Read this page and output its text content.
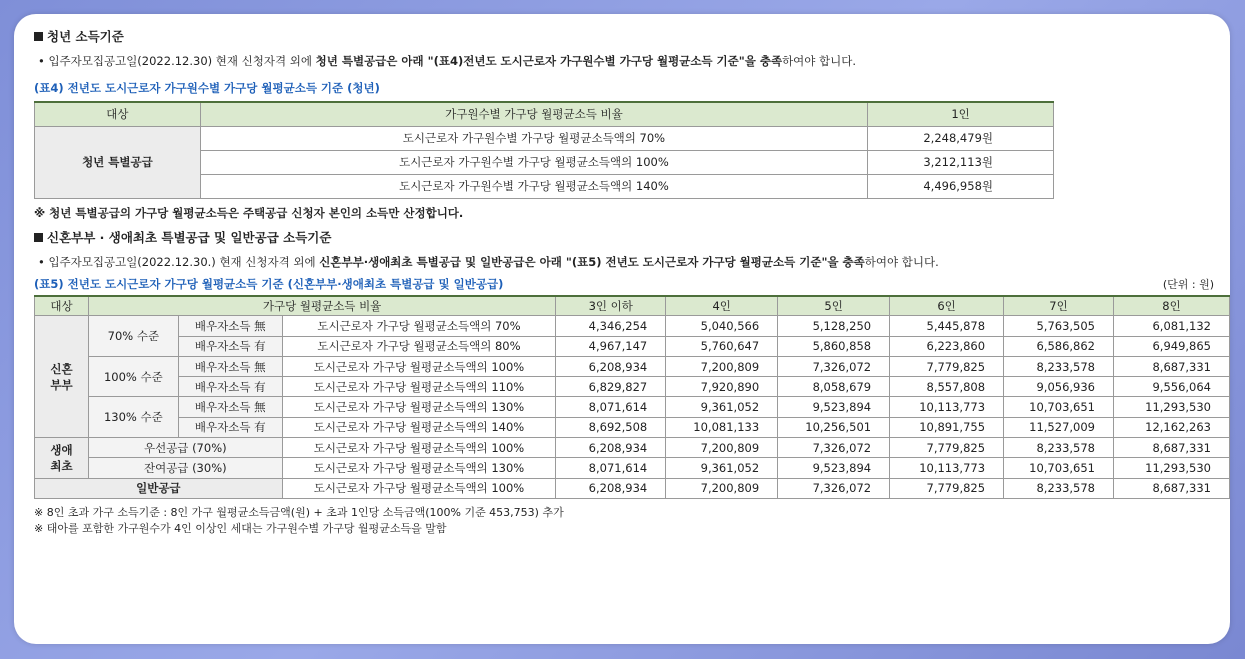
청년 소득기준
• 입주자모집공고일(2022.12.30) 현재 신청자격 외에 청년 특별공급은 아래 "(표4)전년도 도시근로자 가구원수별 가구당 월평균소득 기준"을 충족하여야 합니다.
(표4) 전년도 도시근로자 가구원수별 가구당 월평균소득 기준 (청년)
대상	가구원수별 가구당 월평균소득 비율	1인
청년 특별공급	도시근로자 가구원수별 가구당 월평균소득액의 70%	2,248,479원
	도시근로자 가구원수별 가구당 월평균소득액의 100%	3,212,113원
	도시근로자 가구원수별 가구당 월평균소득액의 140%	4,496,958원
※ 청년 특별공급의 가구당 월평균소득은 주택공급 신청자 본인의 소득만 산정합니다.
신혼부부 · 생애최초 특별공급 및 일반공급 소득기준
• 입주자모집공고일(2022.12.30.) 현재 신청자격 외에 신혼부부·생애최초 특별공급 및 일반공급은 아래 "(표5) 전년도 도시근로자 가구당 월평균소득 기준"을 충족하여야 합니다.
(표5) 전년도 도시근로자 가구당 월평균소득 기준 (신혼부부·생애최초 특별공급 및 일반공급)	(단위 : 원)
대상	가구당 월평균소득 비율			3인 이하	4인	5인	6인	7인	8인
신혼
부부	70% 수준	배우자소득 無	도시근로자 가구당 월평균소득액의 70%	4,346,254	5,040,566	5,128,250	5,445,878	5,763,505	6,081,132
		배우자소득 有	도시근로자 가구당 월평균소득액의 80%	4,967,147	5,760,647	5,860,858	6,223,860	6,586,862	6,949,865
	100% 수준	배우자소득 無	도시근로자 가구당 월평균소득액의 100%	6,208,934	7,200,809	7,326,072	7,779,825	8,233,578	8,687,331
		배우자소득 有	도시근로자 가구당 월평균소득액의 110%	6,829,827	7,920,890	8,058,679	8,557,808	9,056,936	9,556,064
	130% 수준	배우자소득 無	도시근로자 가구당 월평균소득액의 130%	8,071,614	9,361,052	9,523,894	10,113,773	10,703,651	11,293,530
		배우자소득 有	도시근로자 가구당 월평균소득액의 140%	8,692,508	10,081,133	10,256,501	10,891,755	11,527,009	12,162,263
생애
최초	우선공급 (70%)		도시근로자 가구당 월평균소득액의 100%	6,208,934	7,200,809	7,326,072	7,779,825	8,233,578	8,687,331
	잔여공급 (30%)		도시근로자 가구당 월평균소득액의 130%	8,071,614	9,361,052	9,523,894	10,113,773	10,703,651	11,293,530
일반공급			도시근로자 가구당 월평균소득액의 100%	6,208,934	7,200,809	7,326,072	7,779,825	8,233,578	8,687,331
※ 8인 초과 가구 소득기준 : 8인 가구 월평균소득금액(원) + 초과 1인당 소득금액(100% 기준 453,753) 추가
※ 태아를 포함한 가구원수가 4인 이상인 세대는 가구원수별 가구당 월평균소득을 말함
